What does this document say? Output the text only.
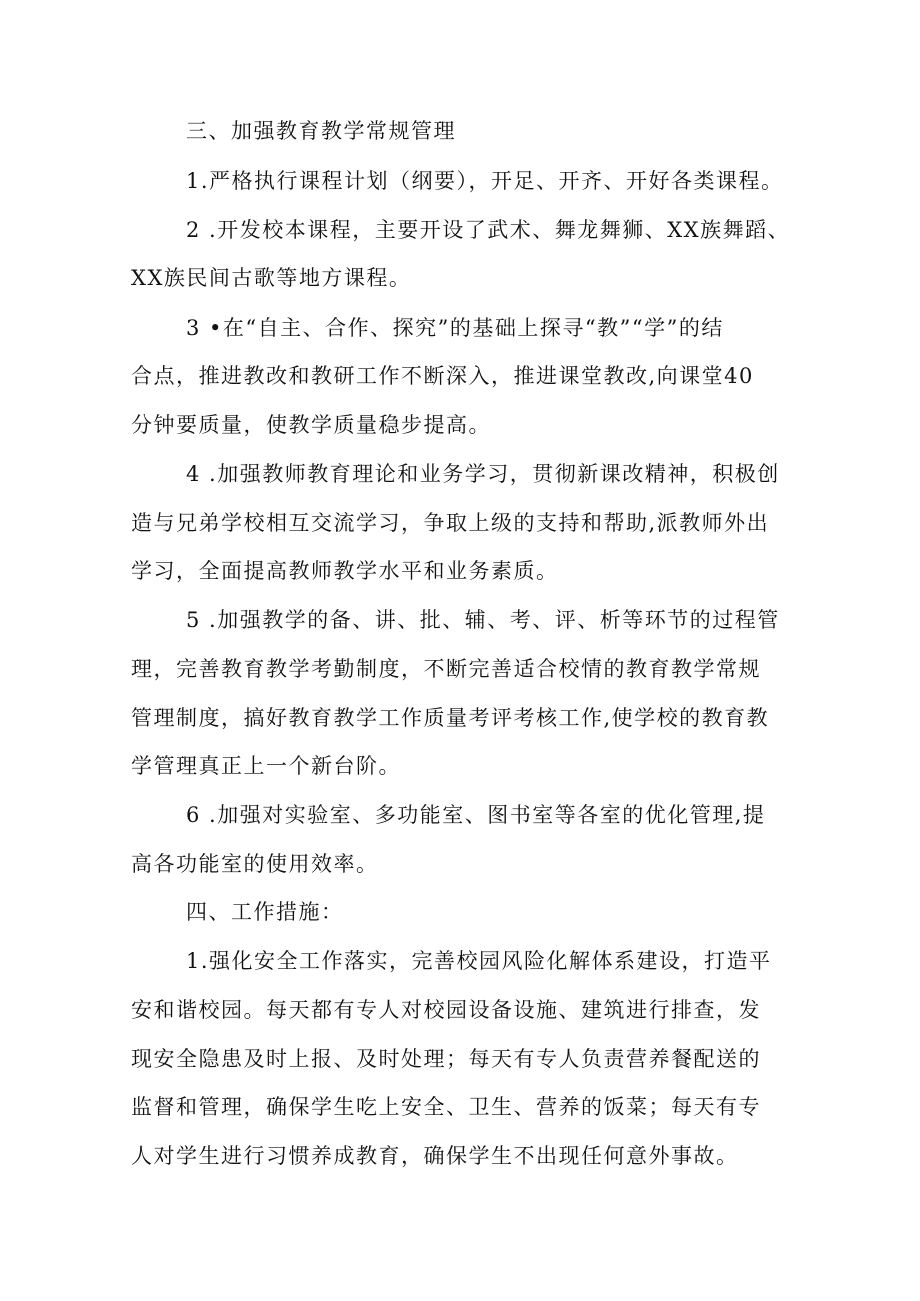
三、加强教育教学常规管理
1.严格执行课程计划（纲要），开足、开齐、开好各类课程。
2 .开发校本课程，主要开设了武术、舞龙舞狮、XX族舞蹈、
XX族民间古歌等地方课程。
3 •在“自主、合作、探究”的基础上探寻“教”“学”的结
合点，推进教改和教研工作不断深入，推进课堂教改,向课堂40
分钟要质量，使教学质量稳步提高。
4 .加强教师教育理论和业务学习，贯彻新课改精神，积极创
造与兄弟学校相互交流学习，争取上级的支持和帮助,派教师外出
学习，全面提高教师教学水平和业务素质。
5 .加强教学的备、讲、批、辅、考、评、析等环节的过程管
理，完善教育教学考勤制度，不断完善适合校情的教育教学常规
管理制度，搞好教育教学工作质量考评考核工作,使学校的教育教
学管理真正上一个新台阶。
6 .加强对实验室、多功能室、图书室等各室的优化管理,提
高各功能室的使用效率。
四、工作措施：
1.强化安全工作落实，完善校园风险化解体系建设，打造平
安和谐校园。每天都有专人对校园设备设施、建筑进行排查，发
现安全隐患及时上报、及时处理；每天有专人负责营养餐配送的
监督和管理，确保学生吃上安全、卫生、营养的饭菜；每天有专
人对学生进行习惯养成教育，确保学生不出现任何意外事故。
